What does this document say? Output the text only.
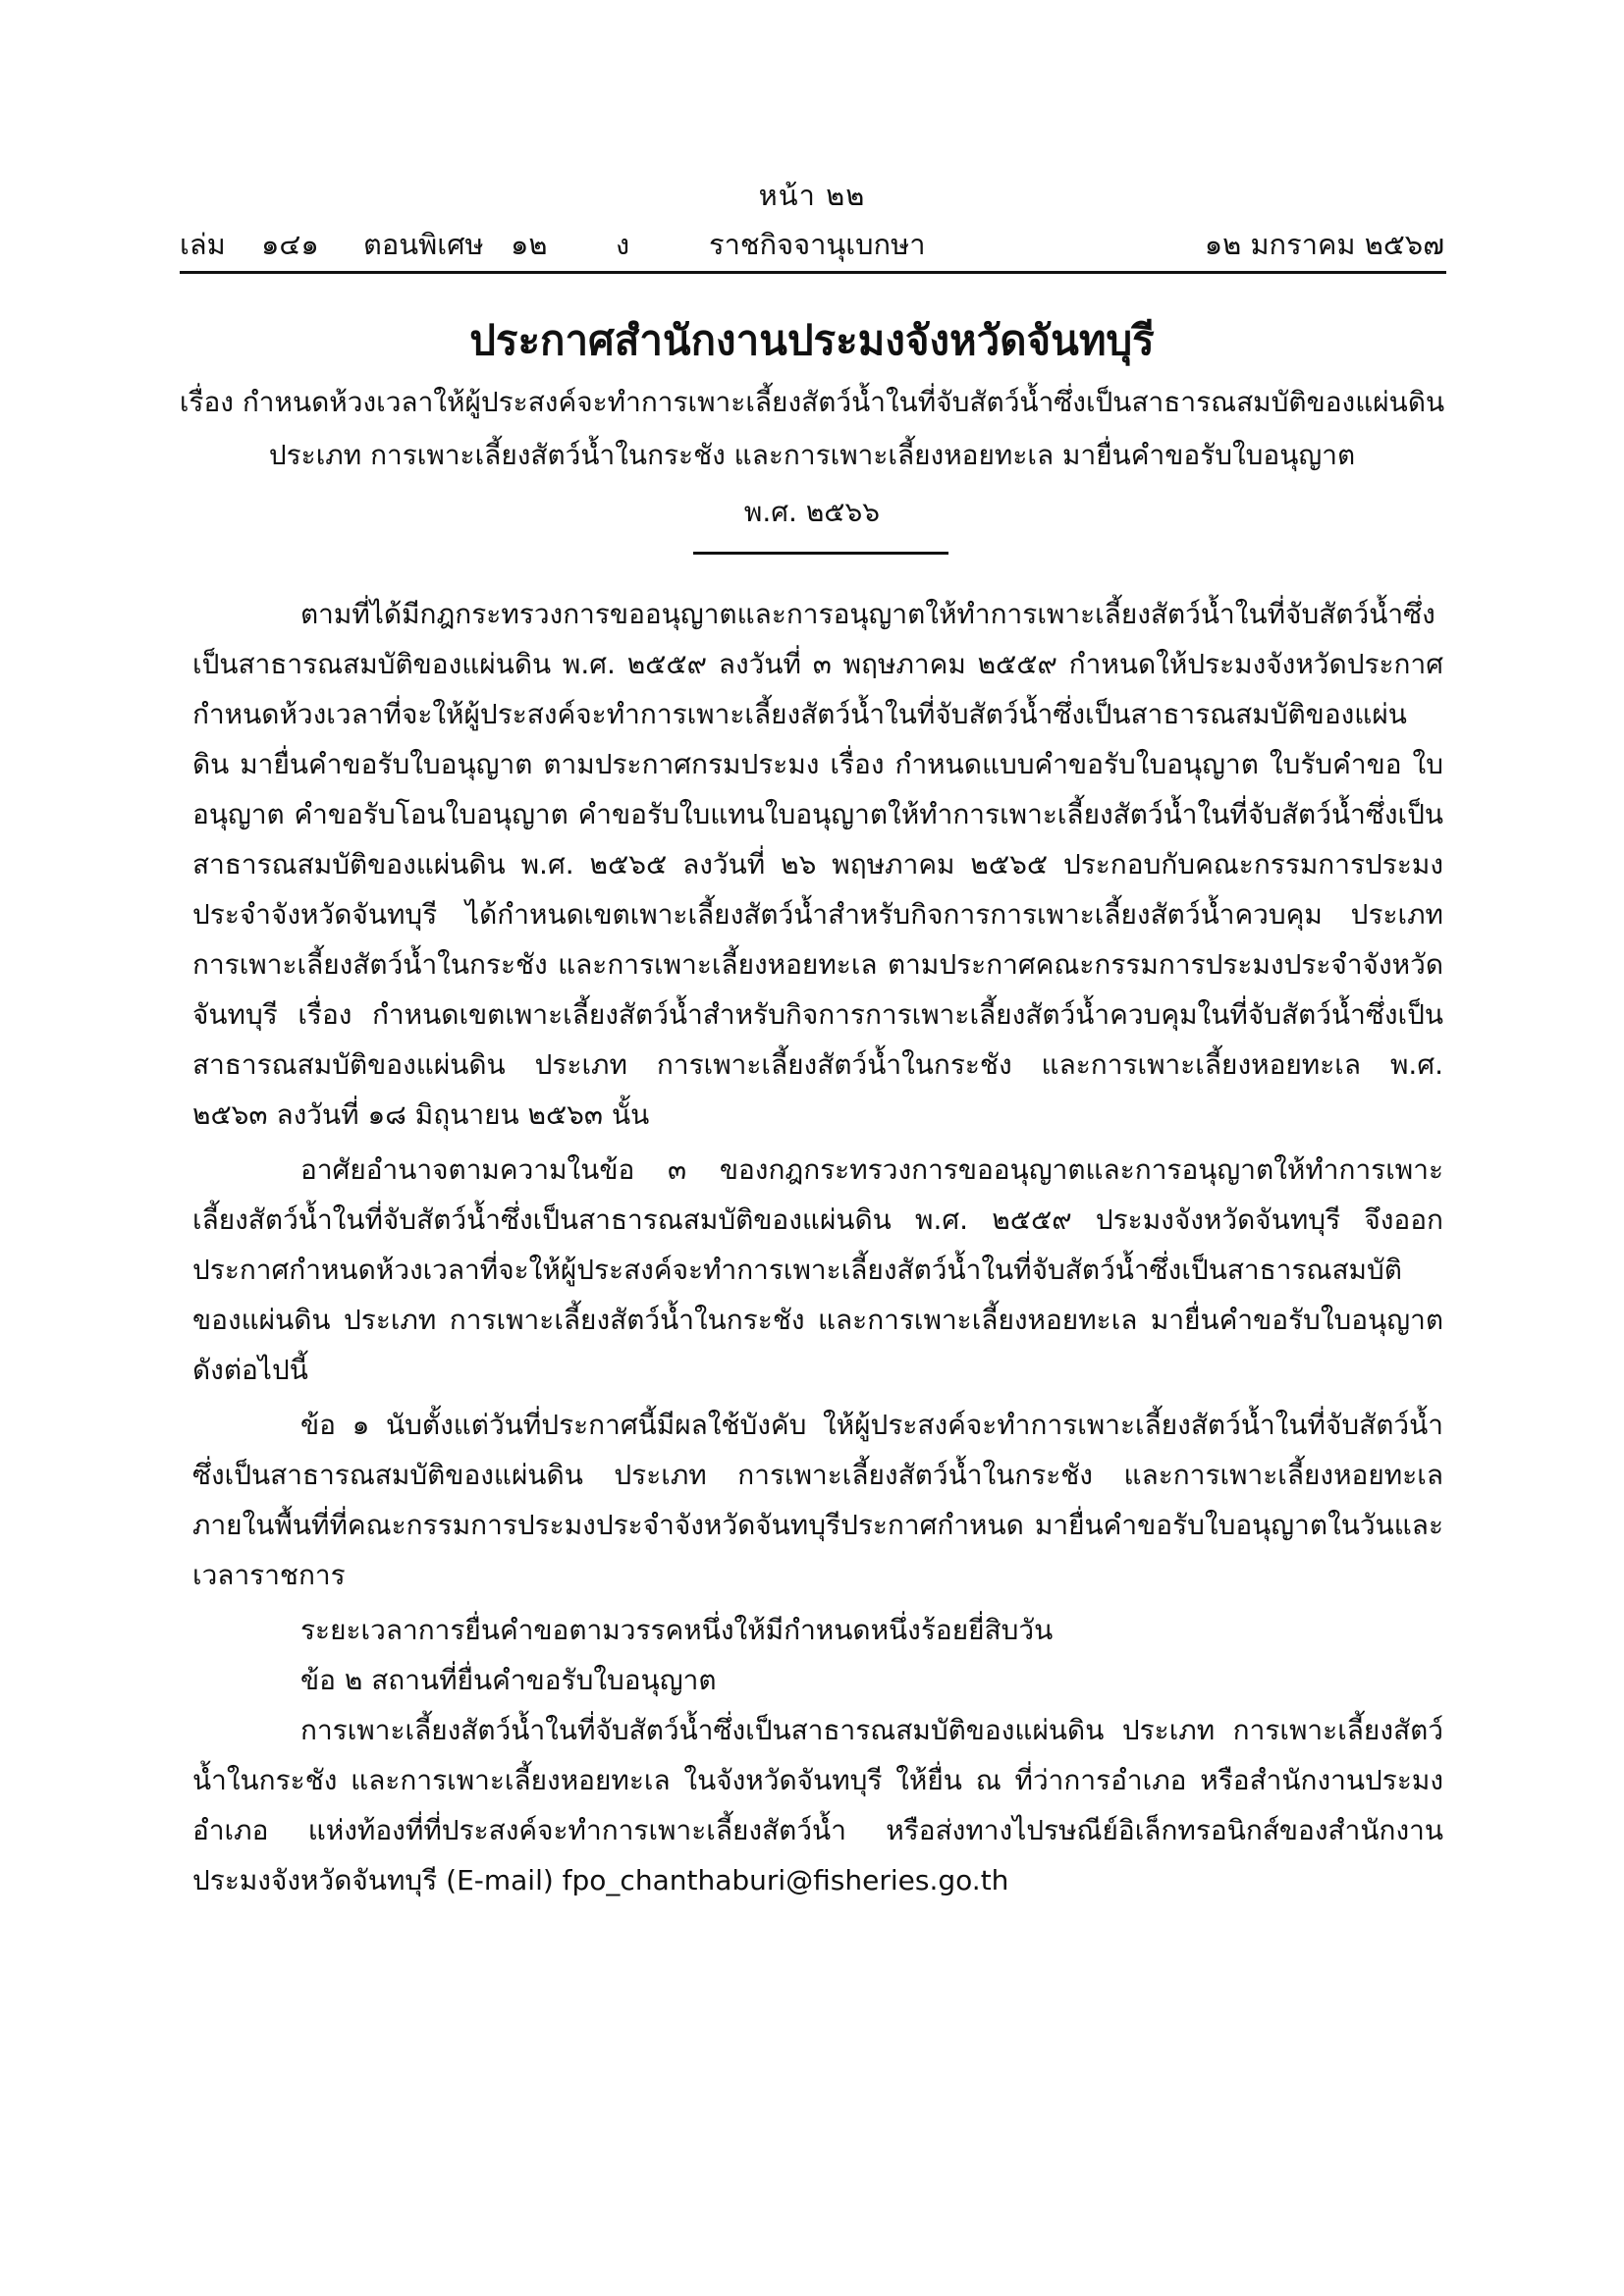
หน้า ๒๒
เล่ม ๑๔๑ ตอนพิเศษ ๑๒ ง	ราชกิจจานุเบกษา	๑๒ มกราคม ๒๕๖๗
ประกาศสำนักงานประมงจังหวัดจันทบุรี
เรื่อง กำหนดห้วงเวลาให้ผู้ประสงค์จะทำการเพาะเลี้ยงสัตว์น้ำในที่จับสัตว์น้ำซึ่งเป็นสาธารณสมบัติของแผ่นดิน
ประเภท การเพาะเลี้ยงสัตว์น้ำในกระชัง และการเพาะเลี้ยงหอยทะเล มายื่นคำขอรับใบอนุญาต
พ.ศ. ๒๕๖๖

ตามที่ได้มีกฎกระทรวงการขออนุญาตและการอนุญาตให้ทำการเพาะเลี้ยงสัตว์น้ำในที่จับสัตว์น้ำซึ่งเป็นสาธารณสมบัติของแผ่นดิน พ.ศ. ๒๕๕๙ ลงวันที่ ๓ พฤษภาคม ๒๕๕๙ กำหนดให้ประมงจังหวัดประกาศกำหนดห้วงเวลาที่จะให้ผู้ประสงค์จะทำการเพาะเลี้ยงสัตว์น้ำในที่จับสัตว์น้ำซึ่งเป็นสาธารณสมบัติของแผ่นดิน มายื่นคำขอรับใบอนุญาต ตามประกาศกรมประมง เรื่อง กำหนดแบบคำขอรับใบอนุญาต ใบรับคำขอ ใบอนุญาต คำขอรับโอนใบอนุญาต คำขอรับใบแทนใบอนุญาตให้ทำการเพาะเลี้ยงสัตว์น้ำในที่จับสัตว์น้ำซึ่งเป็นสาธารณสมบัติของแผ่นดิน พ.ศ. ๒๕๖๕ ลงวันที่ ๒๖ พฤษภาคม ๒๕๖๕ ประกอบกับคณะกรรมการประมงประจำจังหวัดจันทบุรี ได้กำหนดเขตเพาะเลี้ยงสัตว์น้ำสำหรับกิจการการเพาะเลี้ยงสัตว์น้ำควบคุม ประเภท การเพาะเลี้ยงสัตว์น้ำในกระชัง และการเพาะเลี้ยงหอยทะเล ตามประกาศคณะกรรมการประมงประจำจังหวัดจันทบุรี เรื่อง กำหนดเขตเพาะเลี้ยงสัตว์น้ำสำหรับกิจการการเพาะเลี้ยงสัตว์น้ำควบคุมในที่จับสัตว์น้ำซึ่งเป็นสาธารณสมบัติของแผ่นดิน ประเภท การเพาะเลี้ยงสัตว์น้ำในกระชัง และการเพาะเลี้ยงหอยทะเล พ.ศ. ๒๕๖๓ ลงวันที่ ๑๘ มิถุนายน ๒๕๖๓ นั้น

อาศัยอำนาจตามความในข้อ ๓ ของกฎกระทรวงการขออนุญาตและการอนุญาตให้ทำการเพาะเลี้ยงสัตว์น้ำในที่จับสัตว์น้ำซึ่งเป็นสาธารณสมบัติของแผ่นดิน พ.ศ. ๒๕๕๙ ประมงจังหวัดจันทบุรี จึงออกประกาศกำหนดห้วงเวลาที่จะให้ผู้ประสงค์จะทำการเพาะเลี้ยงสัตว์น้ำในที่จับสัตว์น้ำซึ่งเป็นสาธารณสมบัติของแผ่นดิน ประเภท การเพาะเลี้ยงสัตว์น้ำในกระชัง และการเพาะเลี้ยงหอยทะเล มายื่นคำขอรับใบอนุญาต ดังต่อไปนี้

ข้อ ๑ นับตั้งแต่วันที่ประกาศนี้มีผลใช้บังคับ ให้ผู้ประสงค์จะทำการเพาะเลี้ยงสัตว์น้ำในที่จับสัตว์น้ำซึ่งเป็นสาธารณสมบัติของแผ่นดิน ประเภท การเพาะเลี้ยงสัตว์น้ำในกระชัง และการเพาะเลี้ยงหอยทะเล ภายในพื้นที่ที่คณะกรรมการประมงประจำจังหวัดจันทบุรีประกาศกำหนด มายื่นคำขอรับใบอนุญาตในวันและเวลาราชการ

ระยะเวลาการยื่นคำขอตามวรรคหนึ่งให้มีกำหนดหนึ่งร้อยยี่สิบวัน

ข้อ ๒ สถานที่ยื่นคำขอรับใบอนุญาต

การเพาะเลี้ยงสัตว์น้ำในที่จับสัตว์น้ำซึ่งเป็นสาธารณสมบัติของแผ่นดิน ประเภท การเพาะเลี้ยงสัตว์น้ำในกระชัง และการเพาะเลี้ยงหอยทะเล ในจังหวัดจันทบุรี ให้ยื่น ณ ที่ว่าการอำเภอ หรือสำนักงานประมงอำเภอ แห่งท้องที่ที่ประสงค์จะทำการเพาะเลี้ยงสัตว์น้ำ หรือส่งทางไปรษณีย์อิเล็กทรอนิกส์ของสำนักงานประมงจังหวัดจันทบุรี (E-mail) fpo_chanthaburi@fisheries.go.th
